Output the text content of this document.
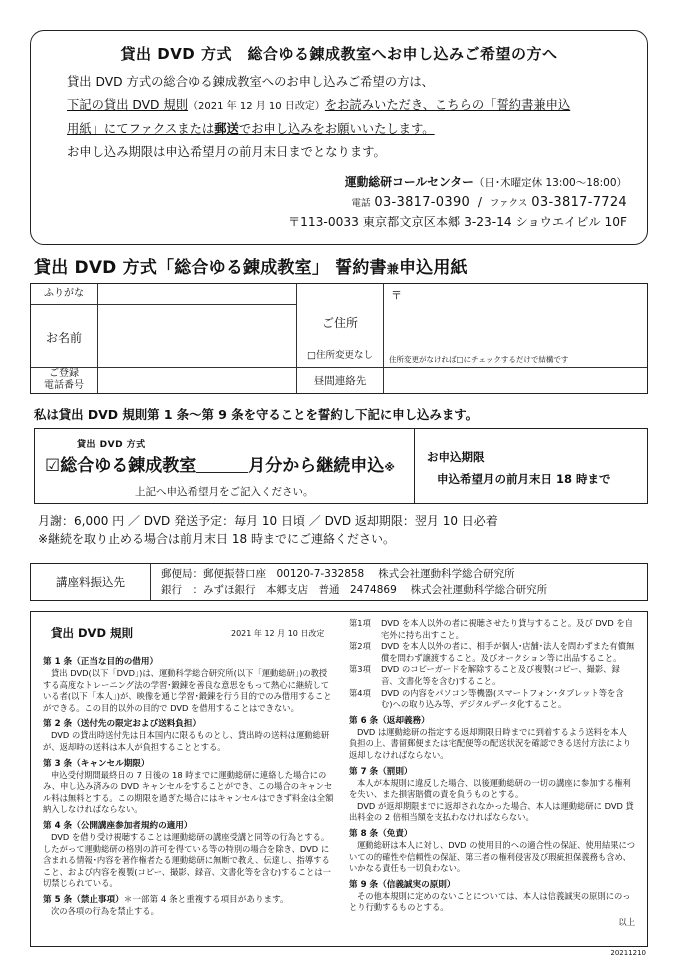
貸出 DVD 方式　総合ゆる錬成教室へお申し込みご希望の方へ
貸出 DVD 方式の総合ゆる錬成教室へのお申し込みご希望の方は、
下記の貸出 DVD 規則（2021 年 12 月 10 日改定）をお読みいただき、こちらの「誓約書兼申込
用紙」にてファクスまたは郵送でお申し込みをお願いいたします。
お申し込み期限は申込希望月の前月末日までとなります。
運動総研コールセンター（日･木曜定休 13:00～18:00）
電話 03-3817-0390 / ファクス 03-3817-7724
〒113-0033 東京都文京区本郷 3-23-14 ショウエイビル 10F
貸出 DVD 方式「総合ゆる錬成教室」 誓約書兼申込用紙
ふりがな
お名前
ご住所
□住所変更なし
〒
住所変更がなければ□にチェックするだけで結構です
ご登録
電話番号	昼間連絡先
私は貸出 DVD 規則第 1 条～第 9 条を守ることを誓約し下記に申し込みます。
貸出 DVD 方式
☑総合ゆる錬成教室	月分から継続申込※
上記へ申込希望月をご記入ください。
お申込期限
申込希望月の前月末日 18 時まで
月謝：6,000 円 ／ DVD 発送予定：毎月 10 日頃 ／ DVD 返却期限：翌月 10 日必着
※継続を取り止める場合は前月末日 18 時までにご連絡ください。
講座料振込先
郵便局：郵便振替口座　00120-7-332858　 株式会社運動科学総合研究所
銀行　：みずほ銀行　本郷支店　普通　2474869　 株式会社運動科学総合研究所
貸出 DVD 規則	2021 年 12 月 10 日改定
第 1 条（正当な目的の借用）
貸出 DVD(以下「DVD」)は、運動科学総合研究所(以下「運動総研」)の教授する高度なトレーニング法の学習･鍛錬を善良な意思をもって熱心に継続している者(以下「本人」)が、映像を通じ学習･鍛錬を行う目的でのみ借用することができる。この目的以外の目的で DVD を借用することはできない。
第 2 条（送付先の限定および送料負担）
DVD の貸出時送付先は日本国内に限るものとし、貸出時の送料は運動総研が、返却時の送料は本人が負担することとする。
第 3 条（キャンセル期限）
申込受付期間最終日の 7 日後の 18 時までに運動総研に連絡した場合にのみ、申し込み済みの DVD キャンセルをすることができ、この場合のキャンセル料は無料とする。この期限を過ぎた場合にはキャンセルはできず料金は全額納入しなければならない。
第 4 条（公開講座参加者規約の適用）
DVD を借り受け視聴することは運動総研の講座受講と同等の行為とする。したがって運動総研の格別の許可を得ている等の特別の場合を除き、DVD に含まれる情報･内容を著作権者たる運動総研に無断で教え、伝達し、指導すること、および内容を複製(コピー、撮影、録音、文書化等を含む)することは一切禁じられている。
第 5 条（禁止事項）＊一部第 4 条と重複する項目があります。
次の各項の行為を禁止する。
第1項	DVD を本人以外の者に視聴させたり貸与すること。及び DVD を自宅外に持ち出すこと。
第2項	DVD を本人以外の者に、相手が個人･店舗･法人を問わずまた有償無償を問わず譲渡すること。及びオークション等に出品すること。
第3項	DVD のコピーガードを解除すること及び複製(コピー、撮影、録音、文書化等を含む)すること。
第4項	DVD の内容をパソコン等機器(スマートフォン･タブレット等を含む)への取り込み等、デジタルデータ化すること。
第 6 条（返却義務）
DVD は運動総研の指定する返却期限日時までに到着するよう送料を本人負担の上、書留郵便または宅配便等の配送状況を確認できる送付方法により返却しなければならない。
第 7 条（罰則）
本人が本規則に違反した場合、以後運動総研の一切の講座に参加する権利を失い、また損害賠償の責を負うものとする。
DVD が返却期限までに返却されなかった場合、本人は運動総研に DVD 貸出料金の 2 倍相当額を支払わなければならない。
第 8 条（免責）
運動総研は本人に対し、DVD の使用目的への適合性の保証、使用結果についての的確性や信頼性の保証、第三者の権利侵害及び瑕疵担保義務も含め、いかなる責任も一切負わない。
第 9 条（信義誠実の原則）
その他本規則に定めのないことについては、本人は信義誠実の原則にのっとり行動するものとする。
以上
20211210
